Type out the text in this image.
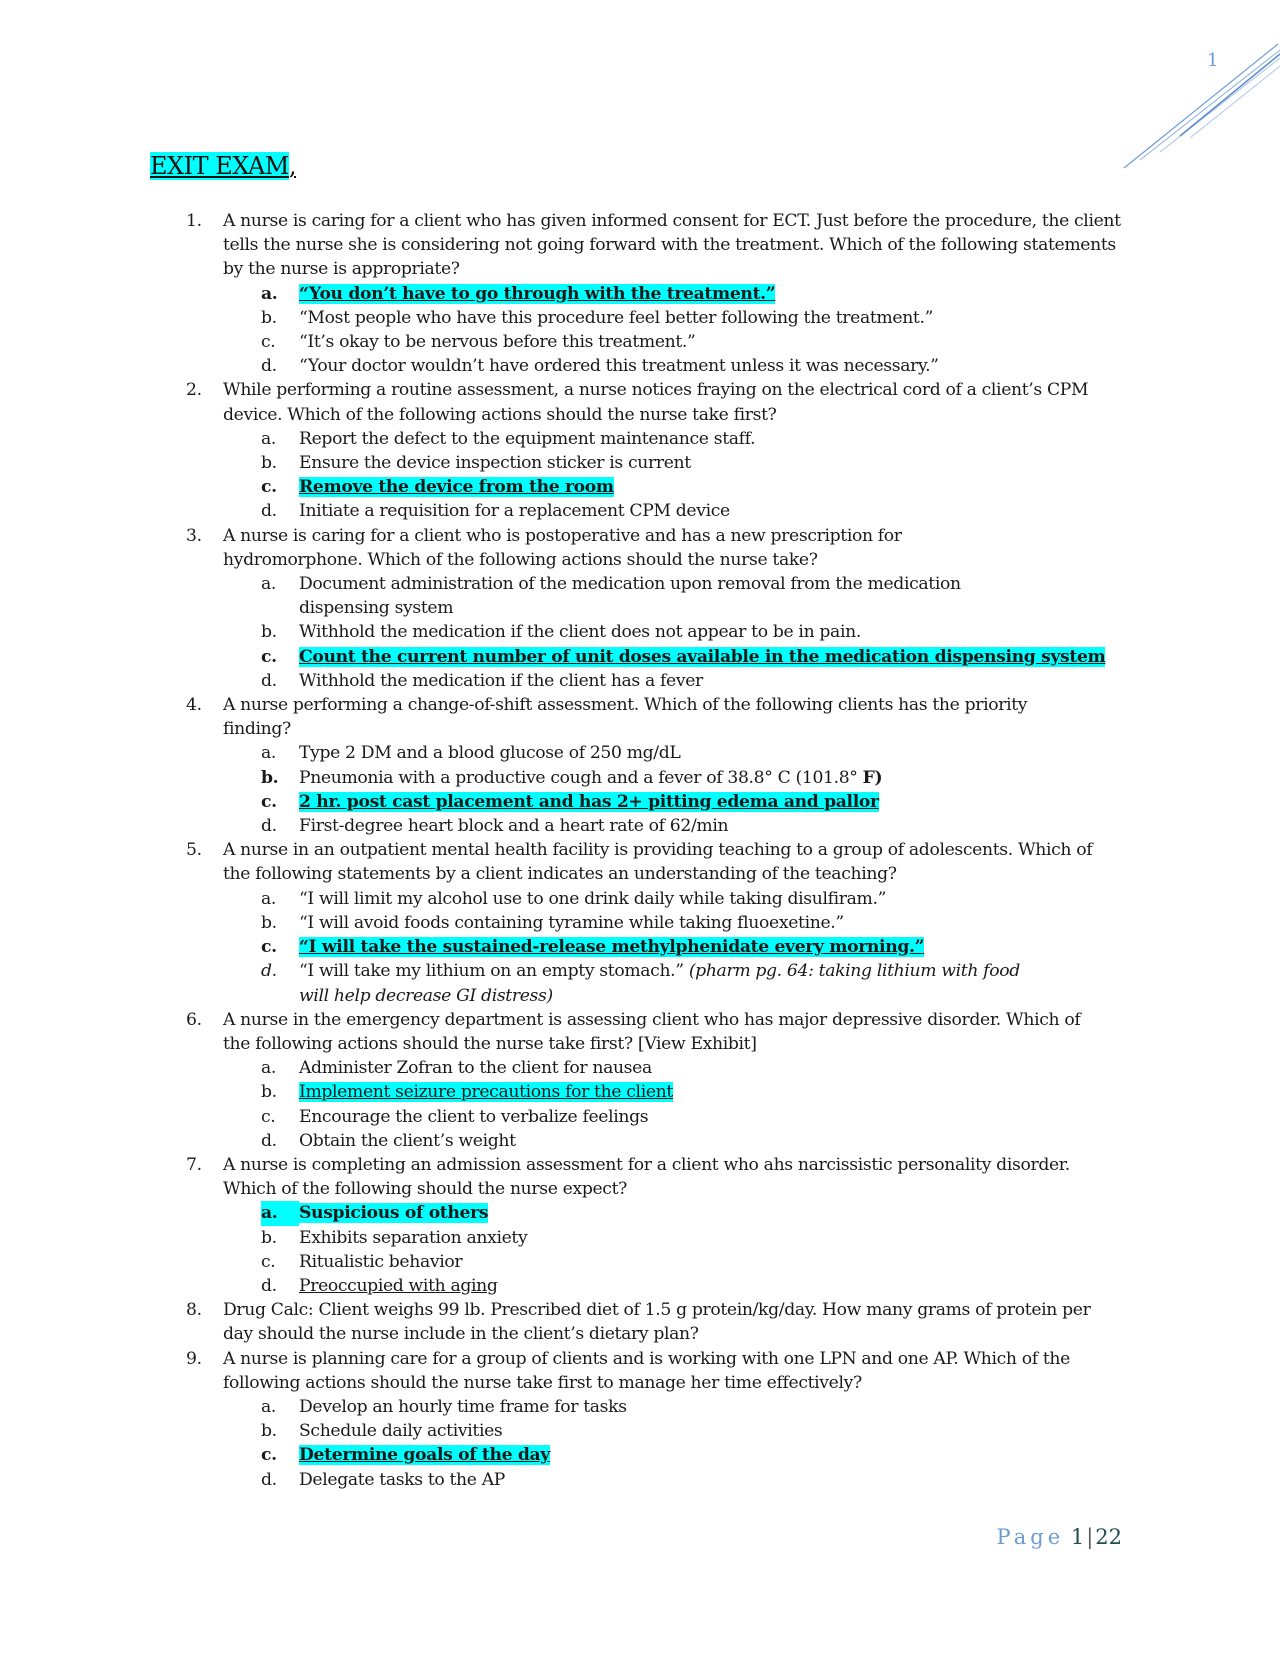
1
EXIT EXAM,
1.	A nurse is caring for a client who has given informed consent for ECT. Just before the procedure, the client tells the nurse she is considering not going forward with the treatment. Which of the following statements by the nurse is appropriate?
a.	“You don’t have to go through with the treatment.”
b.	“Most people who have this procedure feel better following the treatment.”
c.	“It’s okay to be nervous before this treatment.”
d.	“Your doctor wouldn’t have ordered this treatment unless it was necessary.”
2.	While performing a routine assessment, a nurse notices fraying on the electrical cord of a client’s CPM device. Which of the following actions should the nurse take first?
a.	Report the defect to the equipment maintenance staff.
b.	Ensure the device inspection sticker is current
c.	Remove the device from the room
d.	Initiate a requisition for a replacement CPM device
3.	A nurse is caring for a client who is postoperative and has a new prescription for hydromorphone. Which of the following actions should the nurse take?
a.	Document administration of the medication upon removal from the medication dispensing system
b.	Withhold the medication if the client does not appear to be in pain.
c.	Count the current number of unit doses available in the medication dispensing system
d.	Withhold the medication if the client has a fever
4.	A nurse performing a change-of-shift assessment. Which of the following clients has the priority finding?
a.	Type 2 DM and a blood glucose of 250 mg/dL
b.	Pneumonia with a productive cough and a fever of 38.8° C (101.8° F)
c.	2 hr. post cast placement and has 2+ pitting edema and pallor
d.	First-degree heart block and a heart rate of 62/min
5.	A nurse in an outpatient mental health facility is providing teaching to a group of adolescents. Which of the following statements by a client indicates an understanding of the teaching?
a.	“I will limit my alcohol use to one drink daily while taking disulfiram.”
b.	“I will avoid foods containing tyramine while taking fluoexetine.”
c.	“I will take the sustained-release methylphenidate every morning.”
d.	“I will take my lithium on an empty stomach.” (pharm pg. 64: taking lithium with food will help decrease GI distress)
6.	A nurse in the emergency department is assessing client who has major depressive disorder. Which of the following actions should the nurse take first? [View Exhibit]
a.	Administer Zofran to the client for nausea
b.	Implement seizure precautions for the client
c.	Encourage the client to verbalize feelings
d.	Obtain the client’s weight
7.	A nurse is completing an admission assessment for a client who ahs narcissistic personality disorder. Which of the following should the nurse expect?
a.	Suspicious of others
b.	Exhibits separation anxiety
c.	Ritualistic behavior
d.	Preoccupied with aging
8.	Drug Calc: Client weighs 99 lb. Prescribed diet of 1.5 g protein/kg/day. How many grams of protein per day should the nurse include in the client’s dietary plan?
9.	A nurse is planning care for a group of clients and is working with one LPN and one AP. Which of the following actions should the nurse take first to manage her time effectively?
a.	Develop an hourly time frame for tasks
b.	Schedule daily activities
c.	Determine goals of the day
d.	Delegate tasks to the AP
Page 1|22
